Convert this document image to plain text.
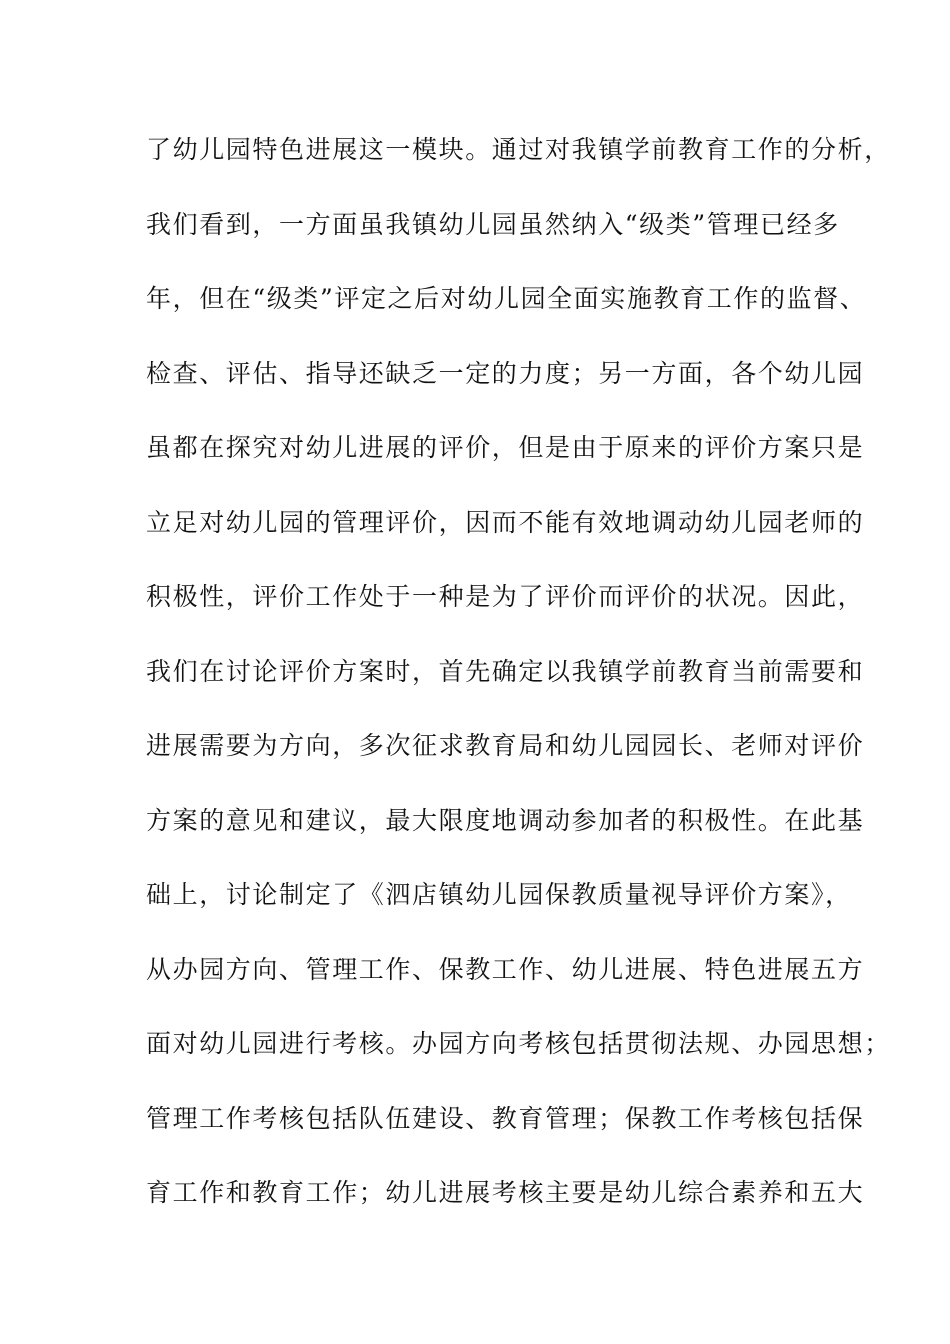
了幼儿园特色进展这一模块。通过对我镇学前教育工作的分析，
我们看到，一方面虽我镇幼儿园虽然纳入“级类”管理已经多
年，但在“级类”评定之后对幼儿园全面实施教育工作的监督、
检查、评估、指导还缺乏一定的力度；另一方面，各个幼儿园
虽都在探究对幼儿进展的评价，但是由于原来的评价方案只是
立足对幼儿园的管理评价，因而不能有效地调动幼儿园老师的
积极性，评价工作处于一种是为了评价而评价的状况。因此，
我们在讨论评价方案时，首先确定以我镇学前教育当前需要和
进展需要为方向，多次征求教育局和幼儿园园长、老师对评价
方案的意见和建议，最大限度地调动参加者的积极性。在此基
础上，讨论制定了《泗店镇幼儿园保教质量视导评价方案》，
从办园方向、管理工作、保教工作、幼儿进展、特色进展五方
面对幼儿园进行考核。办园方向考核包括贯彻法规、办园思想；
管理工作考核包括队伍建设、教育管理；保教工作考核包括保
育工作和教育工作；幼儿进展考核主要是幼儿综合素养和五大
